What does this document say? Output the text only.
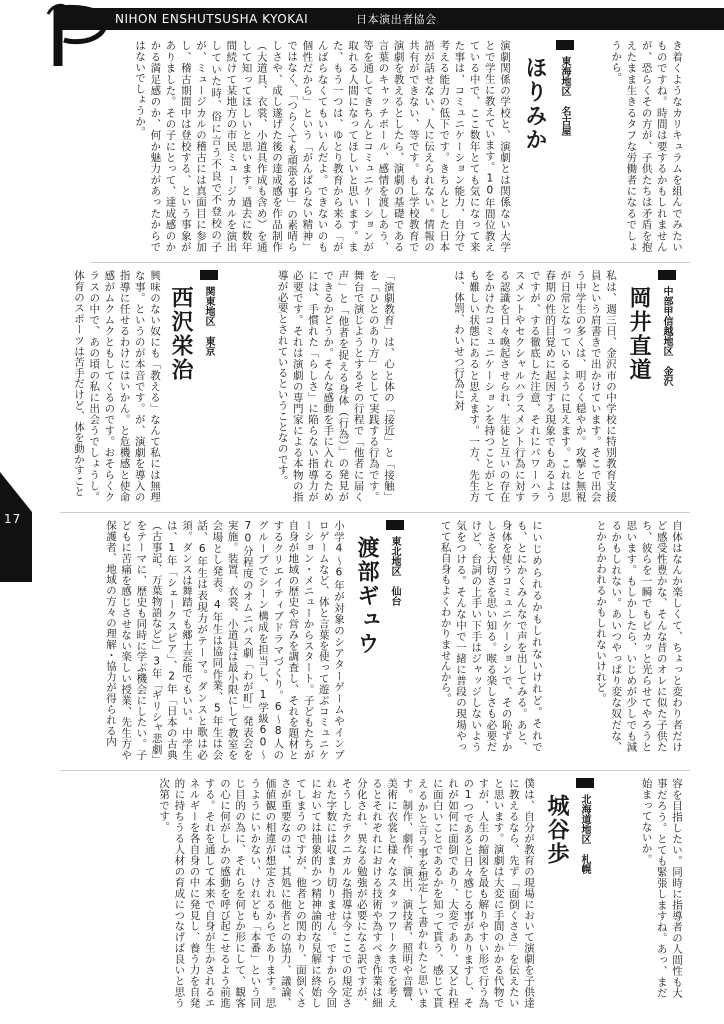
NIHON ENSHUTSUSHA KYOKAI	日本演出者協会
17
き着くようなカリキュラムを組んでみたいものですね。時間は要するかもしれませんが、恐らくその方が、子供たちは矛盾を抱えたまま生きるタフな労働者になるでしょうから。
東海地区　名古屋
ほりみか
演劇関係の学校と、演劇とは関係ない大学とで学生に教えています。10年間位教えている中で、ここ数年とても気になって来た事は、コミュニケーション能力、自分で考える能力の低下です。きちんとした日本語が話せない、人に伝えられない。情報の共有ができない、等です。もし学校教育で演劇を教えるとしたら、演劇の基礎である言葉のキャッチボール、感情を渡しあう、等を通してきちんとコミュニケーションが取れる人間になってほしいと思います。また、もう一つは、ゆとり教育から来る「がんばらなくてもいいんだよ。できないのも個性だから」という「がんばらない精神」ではなく、「つらくても頑張る事」の素晴らしさや、成し遂げた後の達成感を作品制作（大道具、衣裳、小道具作成も含め）を通して知ってほしいと思います。過去に数年間続けて某地方の市民ミュージカルを演出していた時、俗に言う不良で不登校の子が、ミュージカルの稽古には真面目に参加し、稽古期間中は登校する、という事象がありました。その子にとって、達成感のかかる満足感のか、何か魅力があったからではないでしょうか。
中部甲信越地区　金沢
岡井直道
私は、週三日、金沢市の中学校に特別教育支援員という肩書きで出かけています。そこで出会う中学生の多くは、明るく穏やか。攻撃と無視が日常となっているように見えます。これは思春期の性的目覚めに起因する現象でもあるようですが、する徹底した注意、それにパワーハラスメントやセクシャルハラスメント行為に対する認識を日々喚起させられ、生徒と互いの存在をかけたコミュニケーションを持つことがとても難しい状態にあると思えます。一方、先生方は、体罰、わいせつ行為に対
「演劇教育」は、心と体の「接近」と「接触」を「ひとのあり方」として実践する行為です。舞台で演じようとするその行程で「他者に届く声」と「他者を捉える身体（行為）」の発見ができるかどうか。そんな感動を手に入れるためには、手慣れた「らしさ」に陥らない指導力が必要です。それは演劇の専門家による本物の指導が必要とされているということなのです。
関東地区　東京
西沢栄治
興味のない奴にも「教える」なんて私には無理な事。というのが本音です。が、演劇を導入の指導に任せるわけにはいかん。と危機感と使命感がムクムクともしてくるのです。おそらくクラスの中で、あの頃の私に出会うでしょうし。体育のスポーツは苦手だけど、体を動かすこと
自体はなんか楽しくて、ちょっと変わり者だけど感受性豊かな、そんな昔のオレに似た子供たち、彼らを一瞬でもピカッと光らせてやろうと思います。もしかしたら、いじめが少しでも減るかもしれない。あいつやっぱり変な奴だな、とからかわれるかもしれないけれど。
にいじめられるかもしれないけれど。それでも、とにかくみんなで声を出してみる。あと、身体を使うコミュニケーションで、その恥ずかしさを大切さを思い知る。喉る楽しさも必要だけど、台詞の上手い下手はジャッジしないよう気をつける。そんな中で一緒に普段の現場やってて私自身もよくわかりませんから。
東北地区　仙台
渡部ギュウ
小学4〜6年が対象のシアターゲームやインプロゲームなど、体と言葉を使って遊ぶコミュニケーション・メニューからスタート。子どもたちが自身が地域の歴史や営みを調査し、それを題材とするクリエイティブドラマづくり。6〜8人のグループでシーン構成を担当し、1学級60〜70分程度のオムニバス劇「わが町」発表会を実施。装置、衣裳、小道具は最小限にして教室を会場とし発表。4年生は協同作業、5年生は会話、6年生は表現力がテーマ。ダンスと歌は必須。ダンスは舞踏でも郷土芸能でもいい。中学生は、1年「シェークスピア」、2年「日本の古典（古事記、万葉物語など）」3年「ギリシャ悲劇」をテーマに、歴史も同時に学ぶ機会にしたい。子どもに苦痛を感じさせない楽しい授業、先生方や保護者、地域の方々の理解・協力が得られる内
容を目指したい。同時に指導者の人間性も大事だろう。とても緊張しますね。あっ、まだ始まってないか。
北海道地区　札幌
城谷歩
僕は、自分が教育の現場において演劇を子供達に教えるなら、先ず「面倒くささ」を伝えたいと思います。演劇は大変に手間のかかる代物ですが、人生の縮図を最も解りやすい形で行う為の1つであると日々感じる事がありますし、それが如何に面倒であり、大変であり、又どれ程に面白いことであるかを知って貰う、感じて貰えるかと言う事を想定して書かれたと思います。制作、劇作、演出、演技者、照明や音響、美術に衣裳と様々なスタッフワークまでを考えるとそれぞれにおける技術や為すべき作業は細分化され、異なる勉強が必要になる訳ですが、そうしたテクニカルな指導は今ここでの規定された字数には収まり切りません。ですから今回においては抽象的かつ精神論的な見解に終始してしまうのですが、他者との関わり、面倒くささが重要なのは、其処に他者との協力、議論、価値観の相違が想定されるからであります。思うようにいかない、けれども「本番」という同じ目的の為に、それらを何とか形にして、観客の心に何がしかの感動を呼び起こせるよう前進する。それを通して本来で自身が生かされるエネルギーを各自身の中に発見し、養う力を自発的に持ちうる人材の育成につなげば良いと思う次第です。
